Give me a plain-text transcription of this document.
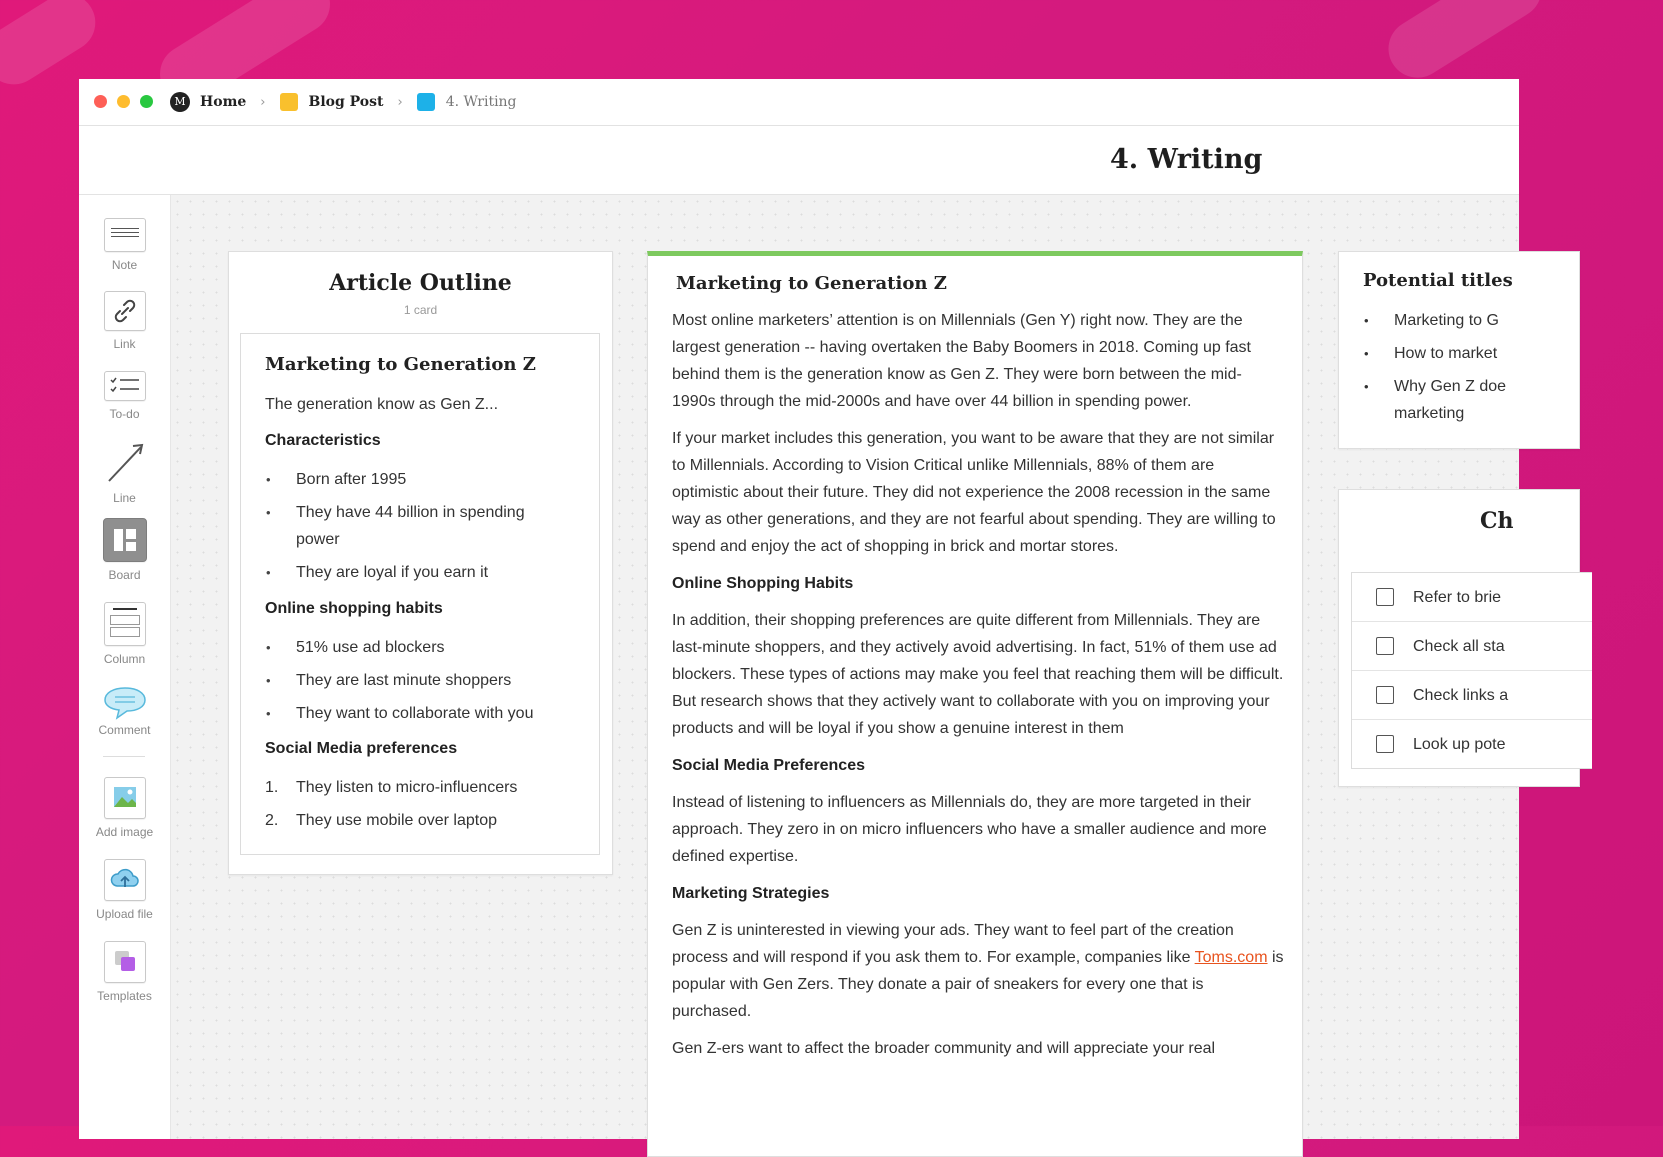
M	Home ›	Blog Post ›	4. Writing
4. Writing
Note
Link
To-do
Line
Board
Column
Comment
Add image
Upload file
Templates
Article Outline
1 card
Marketing to Generation Z
The generation know as Gen Z...
Characteristics
• Born after 1995
• They have 44 billion in spending power
• They are loyal if you earn it
Online shopping habits
• 51% use ad blockers
• They are last minute shoppers
• They want to collaborate with you
Social Media preferences
1. They listen to micro-influencers
2. They use mobile over laptop
Marketing to Generation Z

Most online marketers’ attention is on Millennials (Gen Y) right now. They are the largest generation -- having overtaken the Baby Boomers in 2018. Coming up fast behind them is the generation know as Gen Z. They were born between the mid-1990s through the mid-2000s and have over 44 billion in spending power.

If your market includes this generation, you want to be aware that they are not similar to Millennials. According to Vision Critical unlike Millennials, 88% of them are optimistic about their future. They did not experience the 2008 recession in the same way as other generations, and they are not fearful about spending. They are willing to spend and enjoy the act of shopping in brick and mortar stores.

Online Shopping Habits

In addition, their shopping preferences are quite different from Millennials. They are last-minute shoppers, and they actively avoid advertising. In fact, 51% of them use ad blockers. These types of actions may make you feel that reaching them will be difficult. But research shows that they actively want to collaborate with you on improving your products and will be loyal if you show a genuine interest in them

Social Media Preferences

Instead of listening to influencers as Millennials do, they are more targeted in their approach. They zero in on micro influencers who have a smaller audience and more defined expertise.

Marketing Strategies

Gen Z is uninterested in viewing your ads. They want to feel part of the creation process and will respond if you ask them to. For example, companies like Toms.com is popular with Gen Zers. They donate a pair of sneakers for every one that is purchased.

Gen Z-ers want to affect the broader community and will appreciate your real

Potential titles
• Marketing to G
• How to market
• Why Gen Z doe
marketing
Ch
Refer to brie
Check all sta
Check links a
Look up pote
